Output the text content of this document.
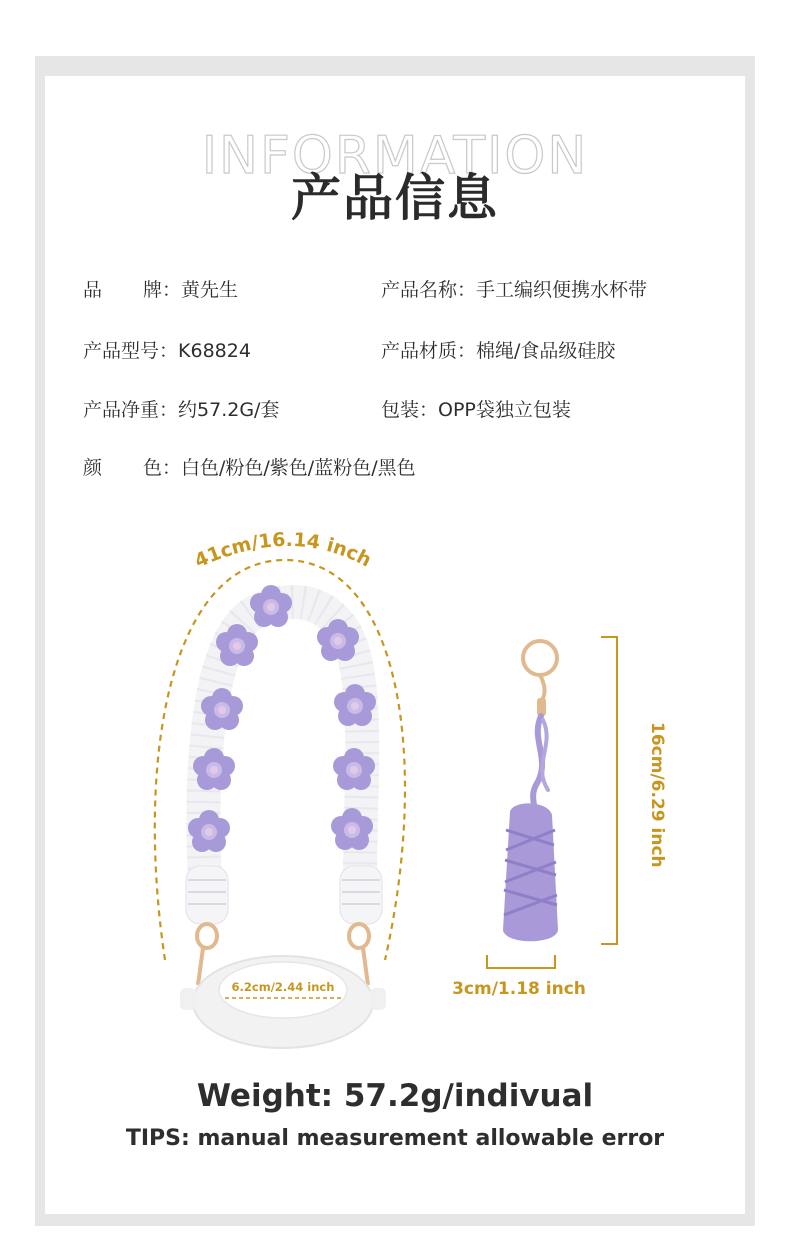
INFORMATION
产品信息
品 牌： 黄先生	产品名称：手工编织便携水杯带
产品型号：K68824	产品材质：棉绳/食品级硅胶
产品净重：约57.2G/套	包装：OPP袋独立包装
颜 色： 白色/粉色/紫色/蓝粉色/黑色
41cm/16.14 inch
6.2cm/2.44 inch
16cm/6.29 inch
3cm/1.18 inch
Weight: 57.2g/indivual
TIPS: manual measurement allowable error
